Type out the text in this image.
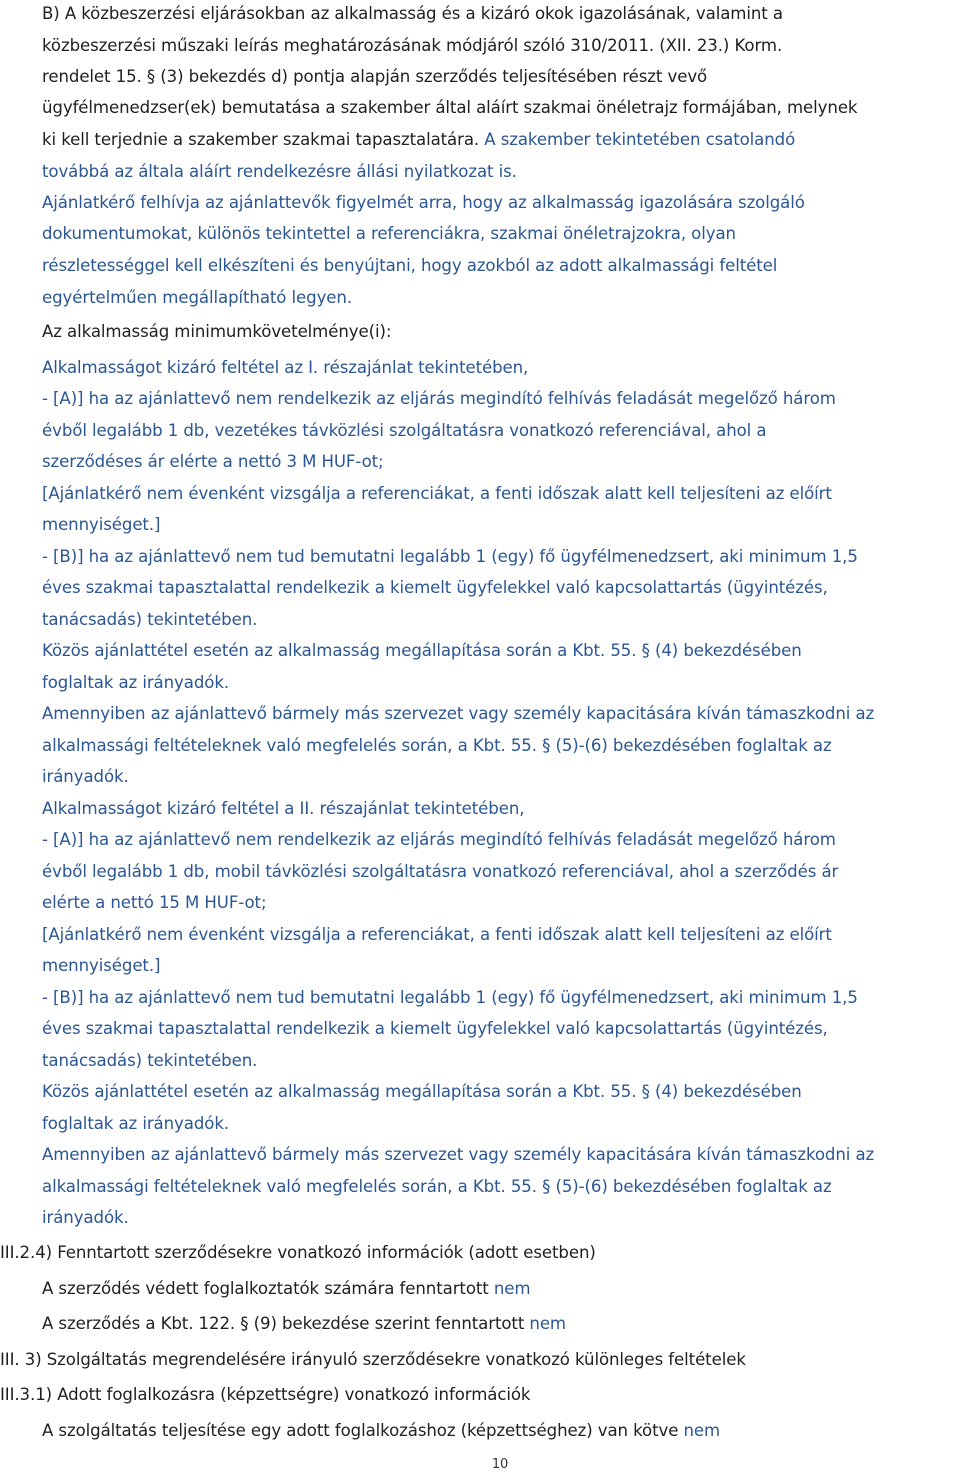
B) A közbeszerzési eljárásokban az alkalmasság és a kizáró okok igazolásának, valamint a
közbeszerzési műszaki leírás meghatározásának módjáról szóló 310/2011. (XII. 23.) Korm.
rendelet 15. § (3) bekezdés d) pontja alapján szerződés teljesítésében részt vevő
ügyfélmenedzser(ek) bemutatása a szakember által aláírt szakmai önéletrajz formájában, melynek
ki kell terjednie a szakember szakmai tapasztalatára. A szakember tekintetében csatolandó
továbbá az általa aláírt rendelkezésre állási nyilatkozat is.
Ajánlatkérő felhívja az ajánlattevők figyelmét arra, hogy az alkalmasság igazolására szolgáló
dokumentumokat, különös tekintettel a referenciákra, szakmai önéletrajzokra, olyan
részletességgel kell elkészíteni és benyújtani, hogy azokból az adott alkalmassági feltétel
egyértelműen megállapítható legyen.
Az alkalmasság minimumkövetelménye(i):
Alkalmasságot kizáró feltétel az I. részajánlat tekintetében,
- [A)] ha az ajánlattevő nem rendelkezik az eljárás megindító felhívás feladását megelőző három
évből legalább 1 db, vezetékes távközlési szolgáltatásra vonatkozó referenciával, ahol a
szerződéses ár elérte a nettó 3 M HUF-ot;
[Ajánlatkérő nem évenként vizsgálja a referenciákat, a fenti időszak alatt kell teljesíteni az előírt
mennyiséget.]
- [B)] ha az ajánlattevő nem tud bemutatni legalább 1 (egy) fő ügyfélmenedzsert, aki minimum 1,5
éves szakmai tapasztalattal rendelkezik a kiemelt ügyfelekkel való kapcsolattartás (ügyintézés,
tanácsadás) tekintetében.
Közös ajánlattétel esetén az alkalmasság megállapítása során a Kbt. 55. § (4) bekezdésében
foglaltak az irányadók.
Amennyiben az ajánlattevő bármely más szervezet vagy személy kapacitására kíván támaszkodni az
alkalmassági feltételeknek való megfelelés során, a Kbt. 55. § (5)-(6) bekezdésében foglaltak az
irányadók.
Alkalmasságot kizáró feltétel a II. részajánlat tekintetében,
- [A)] ha az ajánlattevő nem rendelkezik az eljárás megindító felhívás feladását megelőző három
évből legalább 1 db, mobil távközlési szolgáltatásra vonatkozó referenciával, ahol a szerződés ár
elérte a nettó 15 M HUF-ot;
[Ajánlatkérő nem évenként vizsgálja a referenciákat, a fenti időszak alatt kell teljesíteni az előírt
mennyiséget.]
- [B)] ha az ajánlattevő nem tud bemutatni legalább 1 (egy) fő ügyfélmenedzsert, aki minimum 1,5
éves szakmai tapasztalattal rendelkezik a kiemelt ügyfelekkel való kapcsolattartás (ügyintézés,
tanácsadás) tekintetében.
Közös ajánlattétel esetén az alkalmasság megállapítása során a Kbt. 55. § (4) bekezdésében
foglaltak az irányadók.
Amennyiben az ajánlattevő bármely más szervezet vagy személy kapacitására kíván támaszkodni az
alkalmassági feltételeknek való megfelelés során, a Kbt. 55. § (5)-(6) bekezdésében foglaltak az
irányadók.
III.2.4) Fenntartott szerződésekre vonatkozó információk (adott esetben)
A szerződés védett foglalkoztatók számára fenntartott nem
A szerződés a Kbt. 122. § (9) bekezdése szerint fenntartott nem
III. 3) Szolgáltatás megrendelésére irányuló szerződésekre vonatkozó különleges feltételek
III.3.1) Adott foglalkozásra (képzettségre) vonatkozó információk
A szolgáltatás teljesítése egy adott foglalkozáshoz (képzettséghez) van kötve nem
10
